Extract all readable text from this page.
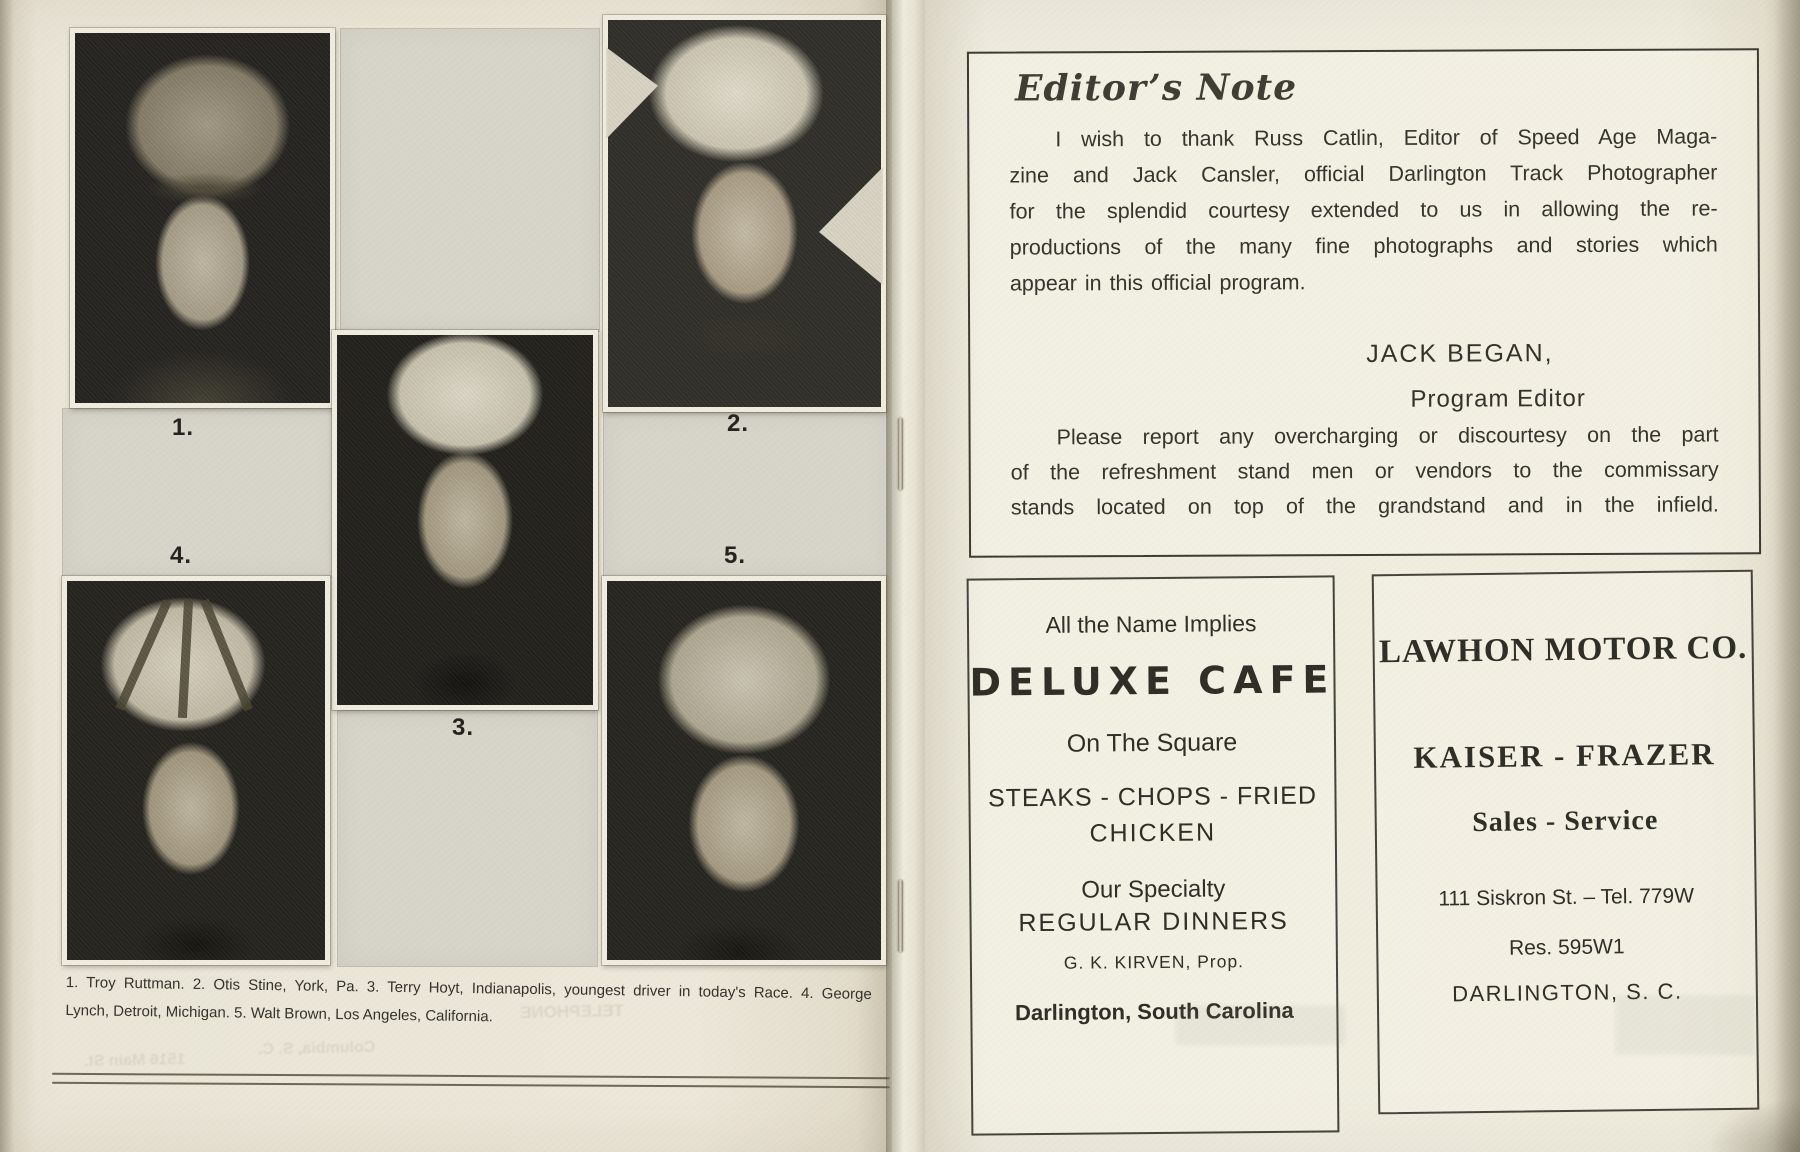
1.	2.
3.
4.	5.
1. Troy Ruttman. 2. Otis Stine, York, Pa. 3. Terry Hoyt, Indianapolis, youngest driver in today's Race. 4. George
Lynch, Detroit, Michigan. 5. Walt Brown, Los Angeles, California.	TELEPHONE
Columbia, S. C.
1516 Main St.
Editor’s Note
I wish to thank Russ Catlin, Editor of Speed Age Maga-
zine and Jack Cansler, official Darlington Track Photographer
for the splendid courtesy extended to us in allowing the re-
productions of the many fine photographs and stories which
appear in this official program.
JACK BEGAN,
Program Editor
Please report any overcharging or discourtesy on the part
of the refreshment stand men or vendors to the commissary
stands located on top of the grandstand and in the infield.
All the Name Implies
DELUXE CAFE
On The Square
STEAKS - CHOPS - FRIED
CHICKEN
Our Specialty
REGULAR DINNERS
G. K. KIRVEN, Prop.
Darlington, South Carolina
LAWHON MOTOR CO.
KAISER - FRAZER
Sales - Service
111 Siskron St. – Tel. 779W
Res. 595W1
DARLINGTON, S. C.
